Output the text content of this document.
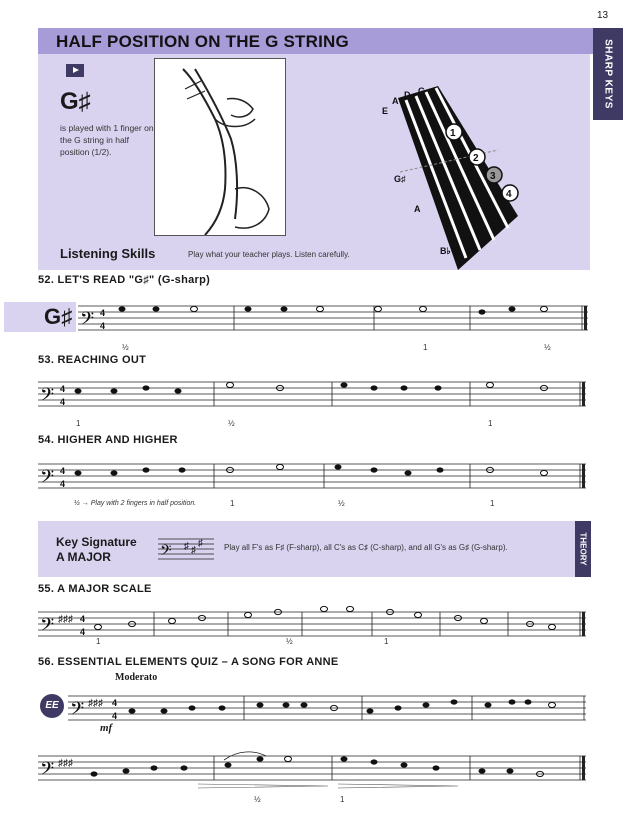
13
SHARP KEYS
HALF POSITION ON THE G STRING
G♯
is played with 1 finger on the G string in half position (1/2).
E
A
D G
G♯
A
B♭
1
2
3
4
Listening Skills	Play what your teacher plays. Listen carefully.
52. LET'S READ "G♯" (G-sharp)
G♯ 𝄢 4
4
½	1	½
53. REACHING OUT
𝄢 4
4
1	½	1
54. HIGHER AND HIGHER
𝄢 4
4
½ → Play with 2 fingers in half position.	1	½	1
Key Signature
A MAJOR	𝄢 ♯ ♯
♯	Play all F's as F♯ (F-sharp), all C's as C♯ (C-sharp), and all G's as G♯ (G-sharp).	THEORY
55. A MAJOR SCALE
𝄢 ♯♯♯ 4
4
1	½	1
56. ESSENTIAL ELEMENTS QUIZ – A SONG FOR ANNE
Moderato
EE 𝄢 ♯♯♯ 4
4
mf
𝄢 ♯♯♯
½	1
